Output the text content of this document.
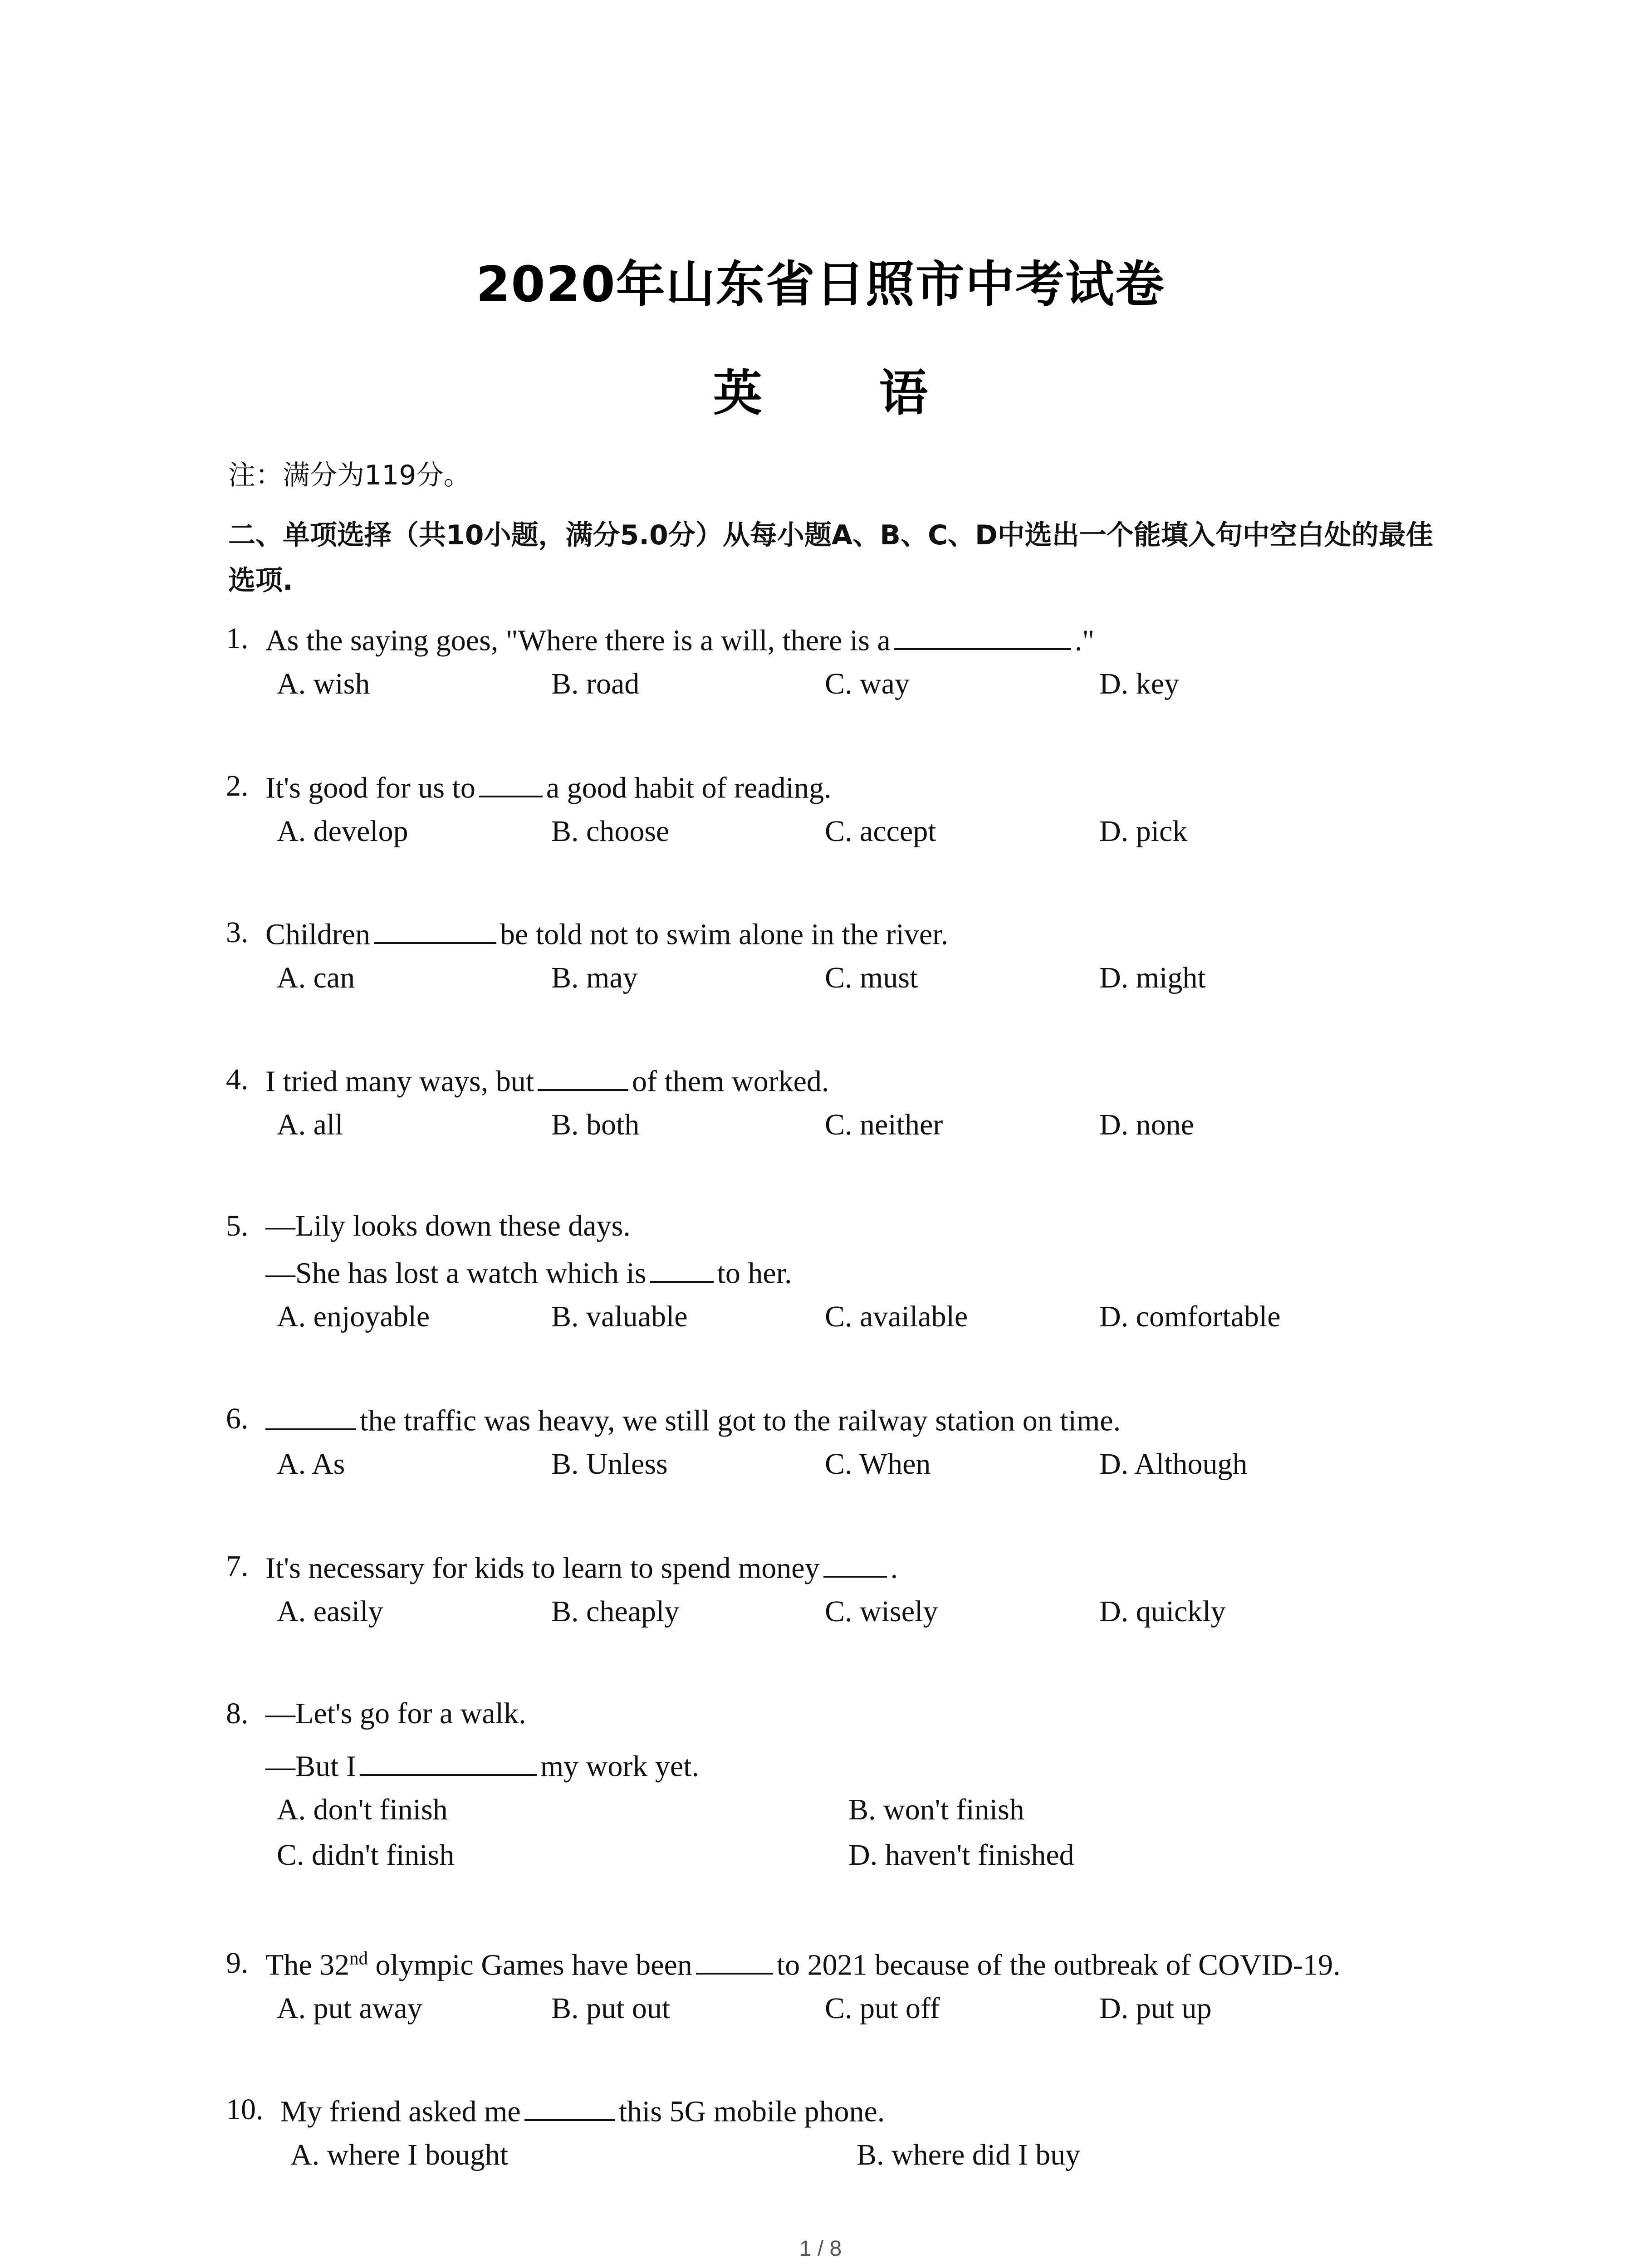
2020年山东省日照市中考试卷
英 语
注：满分为119分。
二、单项选择（共10小题，满分5.0分）从每小题A、B、C、D中选出一个能填入句中空白处的最佳选项.
1. As the saying goes, "Where there is a will, there is a	."
A. wish	B. road	C. way	D. key
2. It's good for us to a good habit of reading.
A. develop	B. choose	C. accept	D. pick
3. Children	be told not to swim alone in the river.
A. can	B. may	C. must	D. might
4. I tried many ways, but	of them worked.
A. all	B. both	C. neither	D. none
5. —Lily looks down these days.
—She has lost a watch which is to her.
A. enjoyable	B. valuable	C. available	D. comfortable
6.	the traffic was heavy, we still got to the railway station on time.
A. As	B. Unless	C. When	D. Although
7. It's necessary for kids to learn to spend money .
A. easily	B. cheaply	C. wisely	D. quickly
8. —Let's go for a walk.
—But I	my work yet.
A. don't finish	B. won't finish
C. didn't finish	D. haven't finished
9. The 32nd olympic Games have been	to 2021 because of the outbreak of COVID-19.
A. put away	B. put out	C. put off	D. put up
10. My friend asked me	this 5G mobile phone.
A. where I bought	B. where did I buy
1 / 8
